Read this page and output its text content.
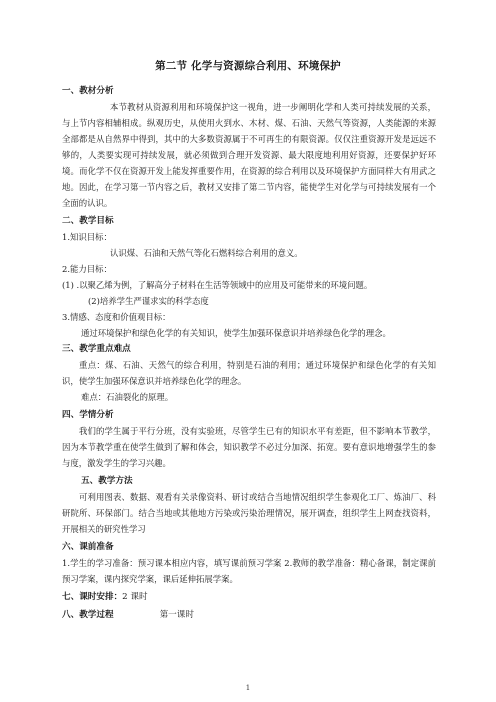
第二节 化学与资源综合利用、环境保护
一、教材分析
本节教材从资源利用和环境保护这一视角，进一步阐明化学和人类可持续发展的关系，与上节内容相辅相成。纵观历史，从使用火到水、木材、煤、石油、天然气等资源，人类能源的来源全部都是从自然界中得到，其中的大多数资源属于不可再生的有限资源。仅仅注重资源开发是远远不够的，人类要实现可持续发展，就必须做到合理开发资源、最大限度地利用好资源，还要保护好环境。而化学不仅在资源开发上能发挥重要作用，在资源的综合利用以及环境保护方面同样大有用武之地。因此，在学习第一节内容之后，教材又安排了第二节内容，能使学生对化学与可持续发展有一个全面的认识。
二、教学目标
1.知识目标：
认识煤、石油和天然气等化石燃料综合利用的意义。
2.能力目标：
(1) .以聚乙烯为例，了解高分子材料在生活等领域中的应用及可能带来的环境问题。
(2)培养学生严谨求实的科学态度
3.情感、态度和价值观目标：
通过环境保护和绿色化学的有关知识，使学生加强环保意识并培养绿色化学的理念。
三、教学重点难点
重点：煤、石油、天然气的综合利用，特别是石油的利用；通过环境保护和绿色化学的有关知识，使学生加强环保意识并培养绿色化学的理念。
难点：石油裂化的原理。
四、学情分析
我们的学生属于平行分班，没有实验班，尽管学生已有的知识水平有差距，但不影响本节教学，因为本节教学重在使学生做到了解和体会，知识教学不必过分加深、拓宽。要有意识地增强学生的参与度，激发学生的学习兴趣。
五、教学方法
可利用图表、数据、观看有关录像资料、研讨或结合当地情况组织学生参观化工厂、炼油厂、科研院所、环保部门。结合当地或其他地方污染或污染治理情况，展开调查，组织学生上网查找资料，开展相关的研究性学习
六、课前准备
1.学生的学习准备：预习课本相应内容，填写课前预习学案 2.教师的教学准备：精心备课，制定课前预习学案，课内探究学案，课后延伸拓展学案。
七、课时安排：2 课时
八、教学过程	第一课时
1
